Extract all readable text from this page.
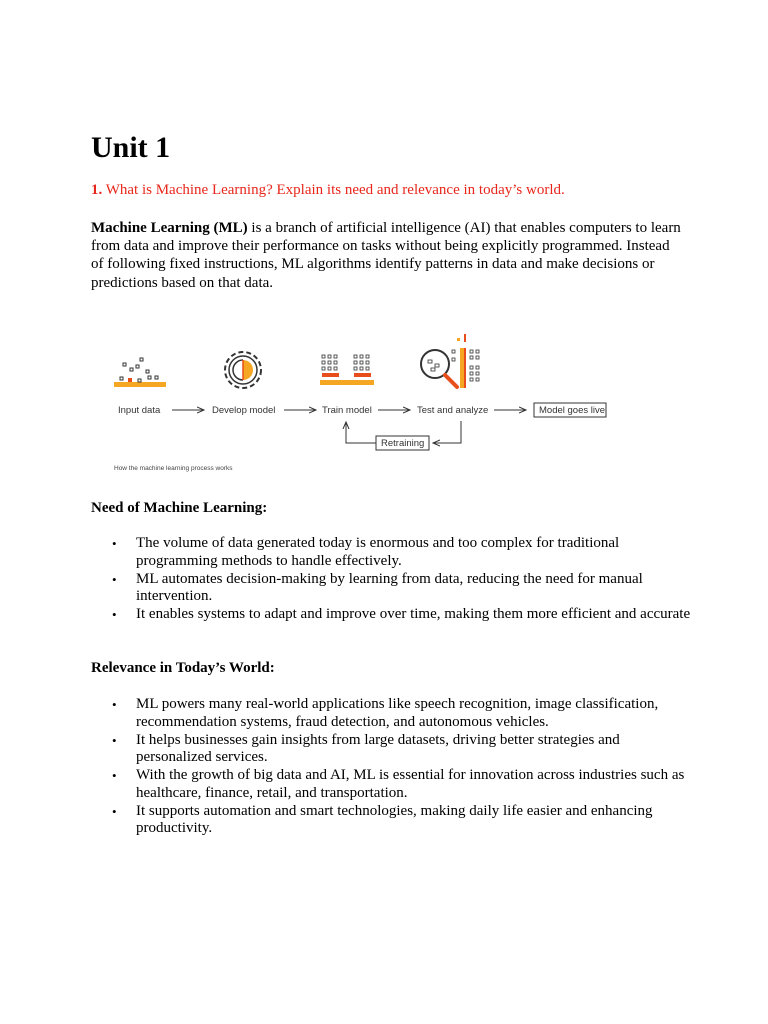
Unit 1

1. What is Machine Learning? Explain its need and relevance in today’s world.

Machine Learning (ML) is a branch of artificial intelligence (AI) that enables computers to learn from data and improve their performance on tasks without being explicitly programmed. Instead of following fixed instructions, ML algorithms identify patterns in data and make decisions or predictions based on that data.

Input data	Develop model	Train model	Test and analyze	Model goes live
Retraining
How the machine learning process works
Need of Machine Learning:
• The volume of data generated today is enormous and too complex for traditional programming methods to handle effectively.
• ML automates decision-making by learning from data, reducing the need for manual intervention.
• It enables systems to adapt and improve over time, making them more efficient and accurate
Relevance in Today’s World:
• ML powers many real-world applications like speech recognition, image classification, recommendation systems, fraud detection, and autonomous vehicles.
• It helps businesses gain insights from large datasets, driving better strategies and personalized services.
• With the growth of big data and AI, ML is essential for innovation across industries such as healthcare, finance, retail, and transportation.
• It supports automation and smart technologies, making daily life easier and enhancing productivity.
